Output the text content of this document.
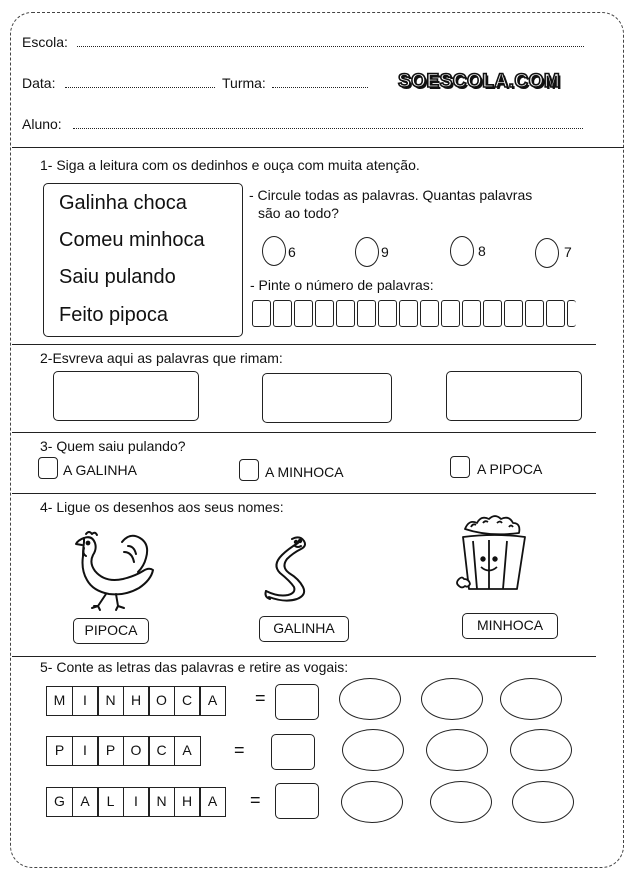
Escola:
Data:	Turma:	SOESCOLA.COM
Aluno:
1- Siga a leitura com os dedinhos e ouça com muita atenção.
Galinha choca
Comeu minhoca
Saiu pulando
Feito pipoca
- Circule todas as palavras. Quantas palavras
são ao todo?
6	9	8	7
- Pinte o número de palavras:
2-Esvreva aqui as palavras que rimam:
3- Quem saiu pulando?
A GALINHA	A MINHOCA	A PIPOCA
4- Ligue os desenhos aos seus nomes:
PIPOCA	GALINHA	MINHOCA
5- Conte as letras das palavras e retire as vogais:
M	I	N	H	O	C	A	=
P	I	P	O	C	A	=
G	A	L	I	N	H	A	=
